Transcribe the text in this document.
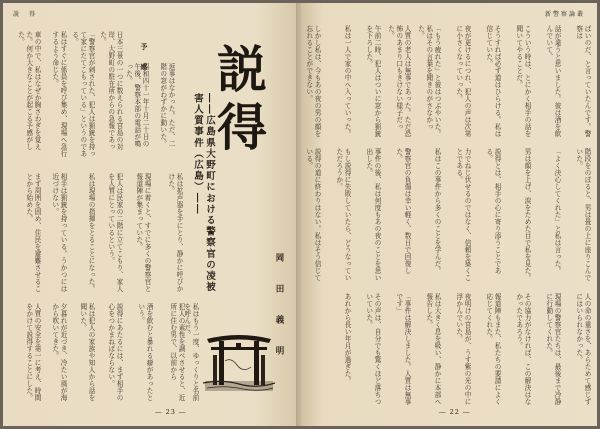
説　得
予　感
昭和四十一年十月二十日の午後、警察本部の電話が鳴った。
日本三景の一つに数えられる宮島の対岸、大野町の駐在所からの急報であった。
「警察官が刺された、犯人は猟銃を持って家にたてこもっている」というのである。
私はすぐに係員を呼び集め、現場へ急行するよう命じた。
車の中で、私はなぜか胸さわぎを覚えた。何か大きなことが起こる予感がした。
現場に着くと、すでに多くの警察官と報道陣が集まっていた。
犯人は民家の二階に立てこもり、家人を人質にとっているという。
私は現場の指揮をとることになった。
相手は猟銃を持っている。うかつには近づけない。
まず周囲を固め、住民を避難させることから始めた。
犯人の素性を調べさせると、近所に住む男で、以前から
酒を飲むと暴れる癖があったという。
説得にあたるには、まず相手の心をつかまねばならない。
私は犯人の家族や知人から話を聞いた。
夕暮れが近づき、冷たい風が海から吹いてきた。
人質の安全を第一に考え、時間をかけて説得することにした。
私は拡声器を手にとり、静かに呼びかけた。
返事はなかった。ただ、二階の窓がわずかに動いた。
私はもう一度、ゆっくりと名前を呼んだ。
説得
――広島県大野町における警察官の凌被害人質事件（広島）――
岡　田　義　明
― 23 ―
新警察論叢
ぱいのだ、と言っていたんです。警察は
話が違うと思いました。彼は酒を飲んでいて、
こういう時は、とにかく相手の話を聞いてやることだ。
そうすれば必ず道はひらける。私は信じていた。
夜が更けるにつれ、犯人の声は次第に小さくなっていった。
「もう疲れた」と彼はつぶやいた。私はその言葉を聞きのがさなかった。
人質の老人は無事であった。ただ恐怖のあまり口もきけない様子だった。
午前二時、犯人はついに窓から猟銃を下ろした。
私は一人で家の中へ入っていった。
階段をのぼると、男は畳の上に座りこんでいた。
「よく決心してくれた」と私は言った。
男は顔を上げ、涙をためた目で私を見た。
説得とは、相手の心に寄り添うことである。
力でねじ伏せるのではなく、信頼を築くことである。
私はこの事件から多くのことを学んだ。
警察官の負傷は幸い軽く、数日で回復した。
事件の後、私は何度もあの夜のことを思い出した。
もし説得に失敗していたら、どうなっていただろうか。
人の命の重さを、あらためて感じずにはいられなかった。
現場の警察官たちは、最後まで冷静に行動してくれた。
その協力がなければ、この解決はなかったであろう。
報道陣もまた、私たちの要請によく応じてくれた。
夜明けの宮島が、うす紫の光の中に浮かんでいた。
私は大きく息を吸い、静かに本部へ報告した。
「事件は解決しました。人質は無事です」
その声は、自分でも驚くほど落ちついていた。
あれから長い年月が過ぎた。
しかし私は、今もあの夜の男の顔を忘れることができない。
説得の道に終わりはない。私はそう信じている。
― 22 ―
